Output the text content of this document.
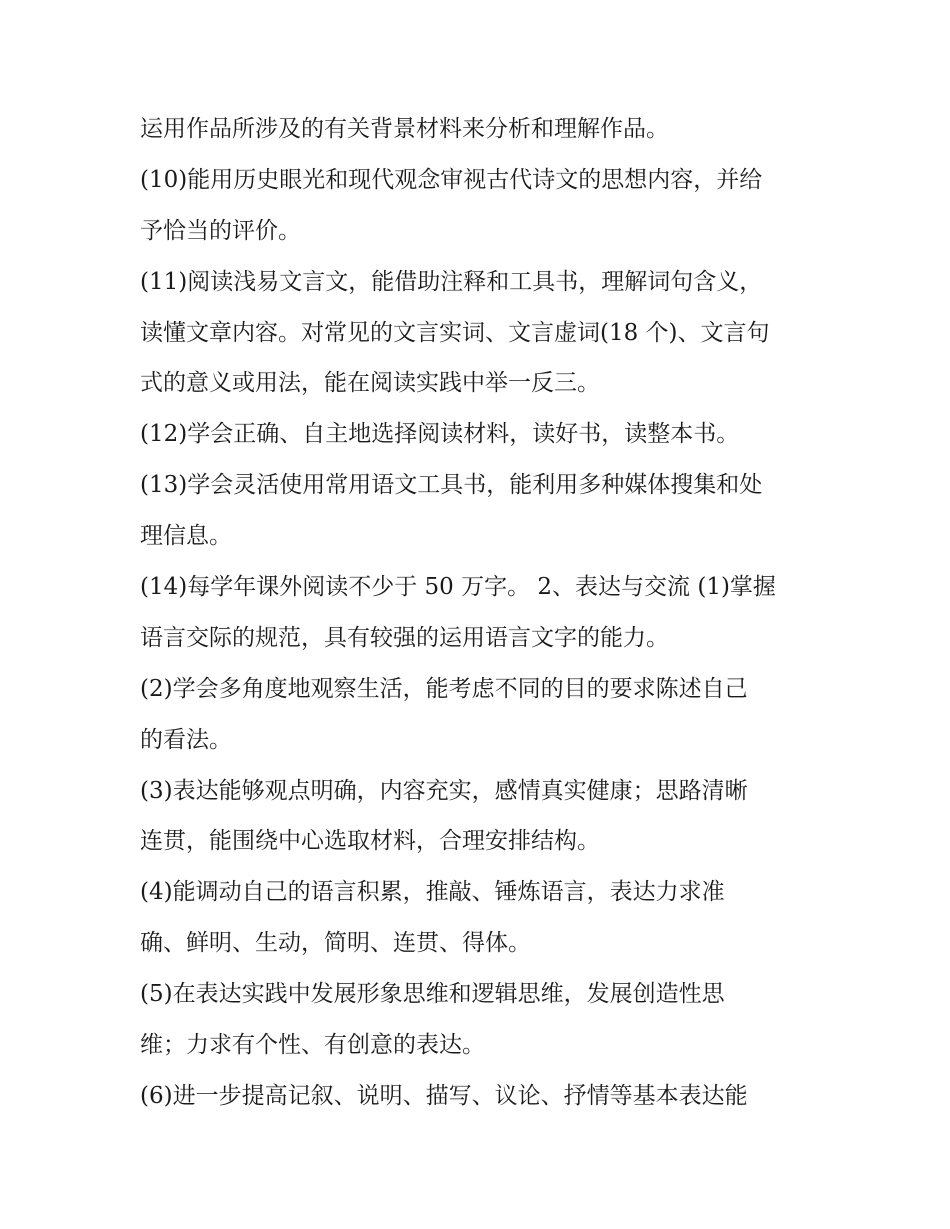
运用作品所涉及的有关背景材料来分析和理解作品。
(10)能用历史眼光和现代观念审视古代诗文的思想内容，并给
予恰当的评价。
(11)阅读浅易文言文，能借助注释和工具书，理解词句含义，
读懂文章内容。对常见的文言实词、文言虚词(18 个)、文言句
式的意义或用法，能在阅读实践中举一反三。
(12)学会正确、自主地选择阅读材料，读好书，读整本书。
(13)学会灵活使用常用语文工具书，能利用多种媒体搜集和处
理信息。
(14)每学年课外阅读不少于 50 万字。 2、表达与交流 (1)掌握
语言交际的规范，具有较强的运用语言文字的能力。
(2)学会多角度地观察生活，能考虑不同的目的要求陈述自己
的看法。
(3)表达能够观点明确，内容充实，感情真实健康；思路清晰
连贯，能围绕中心选取材料，合理安排结构。
(4)能调动自己的语言积累，推敲、锤炼语言，表达力求准
确、鲜明、生动，简明、连贯、得体。
(5)在表达实践中发展形象思维和逻辑思维，发展创造性思
维；力求有个性、有创意的表达。
(6)进一步提高记叙、说明、描写、议论、抒情等基本表达能
